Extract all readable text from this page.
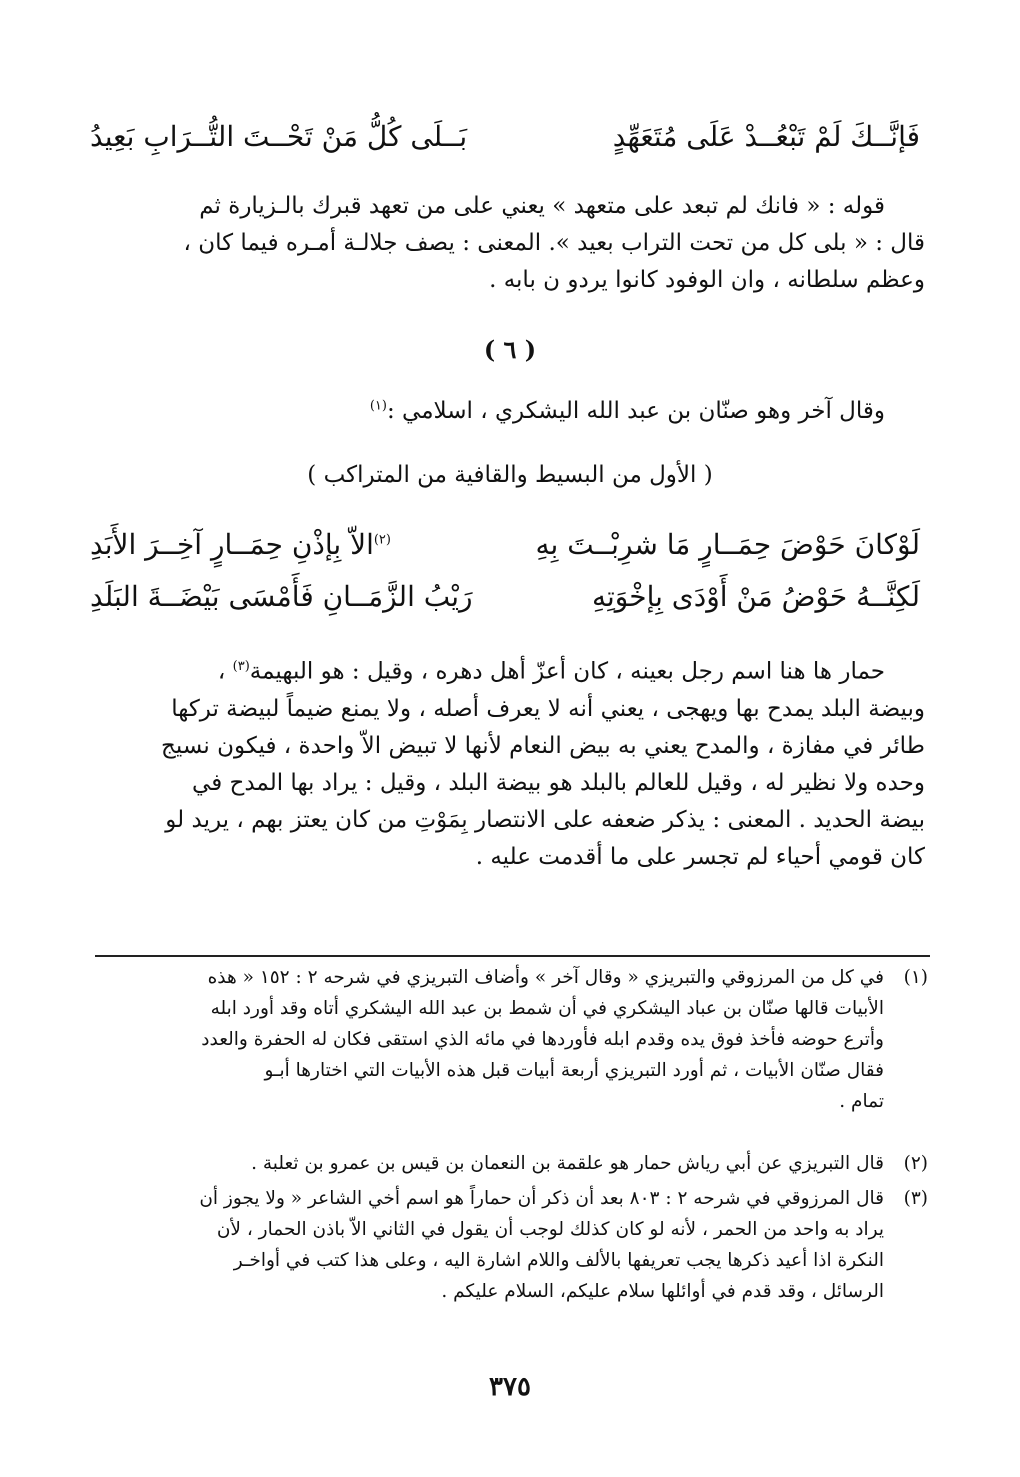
فَإنَّــكَ لَمْ تَبْعُــدْ عَلَى مُتَعَهِّدٍ
بَــلَى كُلُّ مَنْ تَحْــتَ التُّــرَابِ بَعِيدُ

قوله : « فانك لم تبعد على متعهد » يعني على من تعهد قبرك بالـزيارة ثم

قال : « بلى كل من تحت التراب بعيد ». المعنى : يصف جلالـة أمـره فيما كان ،

وعظم سلطانه ، وان الوفود كانوا يردو ن بابه .

( ٦ )
وقال آخر وهو صنّان بن عبد الله اليشكري ، اسلامي :$^{(١)}$
( الأول من البسيط والقافية من المتراكب )
لَوْكانَ حَوْضَ حِمَــارٍ مَا شرِبْــتَ بِهِ
$^{(٢)}$الاّ بِإذْنِ حِمَــارٍ آخِــرَ الأَبَدِ
لَكِنَّــهُ حَوْضُ مَنْ أَوْدَى بِإخْوَتِهِ
رَيْبُ الزَّمَــانِ فَأَمْسَى بَيْضَــةَ البَلَدِ

حمار ها هنا اسم رجل بعينه ، كان أعزّ أهل دهره ، وقيل : هو البهيمة$^{(٣)}$ ،

وبيضة البلد يمدح بها ويهجى ، يعني أنه لا يعرف أصله ، ولا يمنع ضيماً لبيضة تركها

طائر في مفازة ، والمدح يعني به بيض النعام لأنها لا تبيض الاّ واحدة ، فيكون نسيج

وحده ولا نظير له ، وقيل للعالم بالبلد هو بيضة البلد ، وقيل : يراد بها المدح في

بيضة الحديد . المعنى : يذكر ضعفه على الانتصار بِمَوْتِ من كان يعتز بهم ، يريد لو

كان قومي أحياء لم تجسر على ما أقدمت عليه .

(١)
في كل من المرزوقي والتبريزي « وقال آخر » وأضاف التبريزي في شرحه ٢ : ١٥٢ « هذه
الأبيات قالها صنّان بن عباد اليشكري في أن شمط بن عبد الله اليشكري أتاه وقد أورد ابله
وأترع حوضه فأخذ فوق يده وقدم ابله فأوردها في مائه الذي استقى فكان له الحفرة والعدد
فقال صنّان الأبيات ، ثم أورد التبريزي أربعة أبيات قبل هذه الأبيات التي اختارها أبـو
تمام .
(٢)
قال التبريزي عن أبي رياش حمار هو علقمة بن النعمان بن قيس بن عمرو بن ثعلبة .
(٣)
قال المرزوقي في شرحه ٢ : ٨٠٣ بعد أن ذكر أن حماراً هو اسم أخي الشاعر « ولا يجوز أن
يراد به واحد من الحمر ، لأنه لو كان كذلك لوجب أن يقول في الثاني الاّ باذن الحمار ، لأن
النكرة اذا أعيد ذكرها يجب تعريفها بالألف واللام اشارة اليه ، وعلى هذا كتب في أواخـر
الرسائل ، وقد قدم في أوائلها سلام عليكم، السلام عليكم .
٣٧٥
